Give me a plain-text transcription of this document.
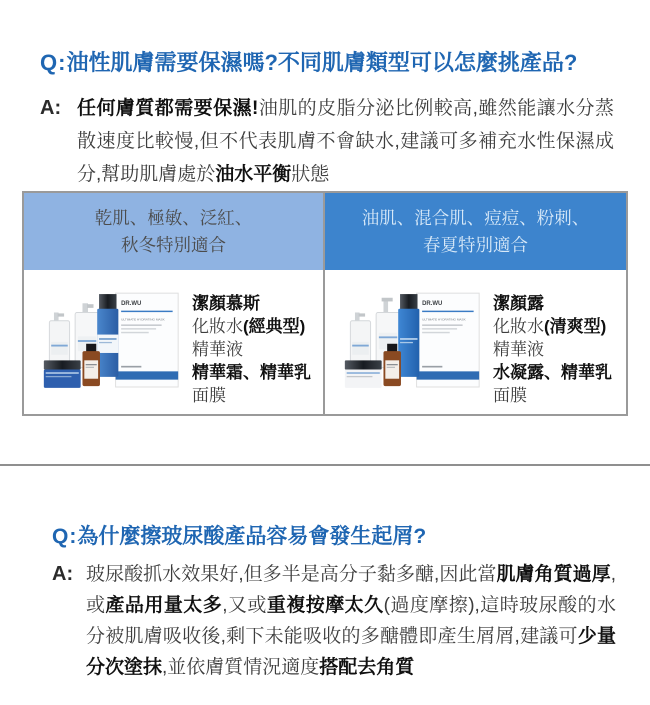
Q: 油性肌膚需要保濕嗎?不同肌膚類型可以怎麼挑產品?
A: 任何膚質都需要保濕!油肌的皮脂分泌比例較高,雖然能讓水分蒸散速度比較慢,但不代表肌膚不會缺水,建議可多補充水性保濕成分,幫助肌膚處於油水平衡狀態
乾肌、極敏、泛紅、
秋冬特別適合
油肌、混合肌、痘痘、粉刺、
春夏特別適合
DR.WU
ULTIMATE HYDRATING MASK
潔顏慕斯
化妝水(經典型)
精華液
精華霜、精華乳
面膜
DR.WU
ULTIMATE HYDRATING MASK
潔顏露
化妝水(清爽型)
精華液
水凝露、精華乳
面膜
Q: 為什麼擦玻尿酸產品容易會發生起屑?
A: 玻尿酸抓水效果好,但多半是高分子黏多醣,因此當肌膚角質過厚,或產品用量太多,又或重複按摩太久(過度摩擦),這時玻尿酸的水分被肌膚吸收後,剩下未能吸收的多醣體即產生屑屑,建議可少量分次塗抹,並依膚質情況適度搭配去角質
